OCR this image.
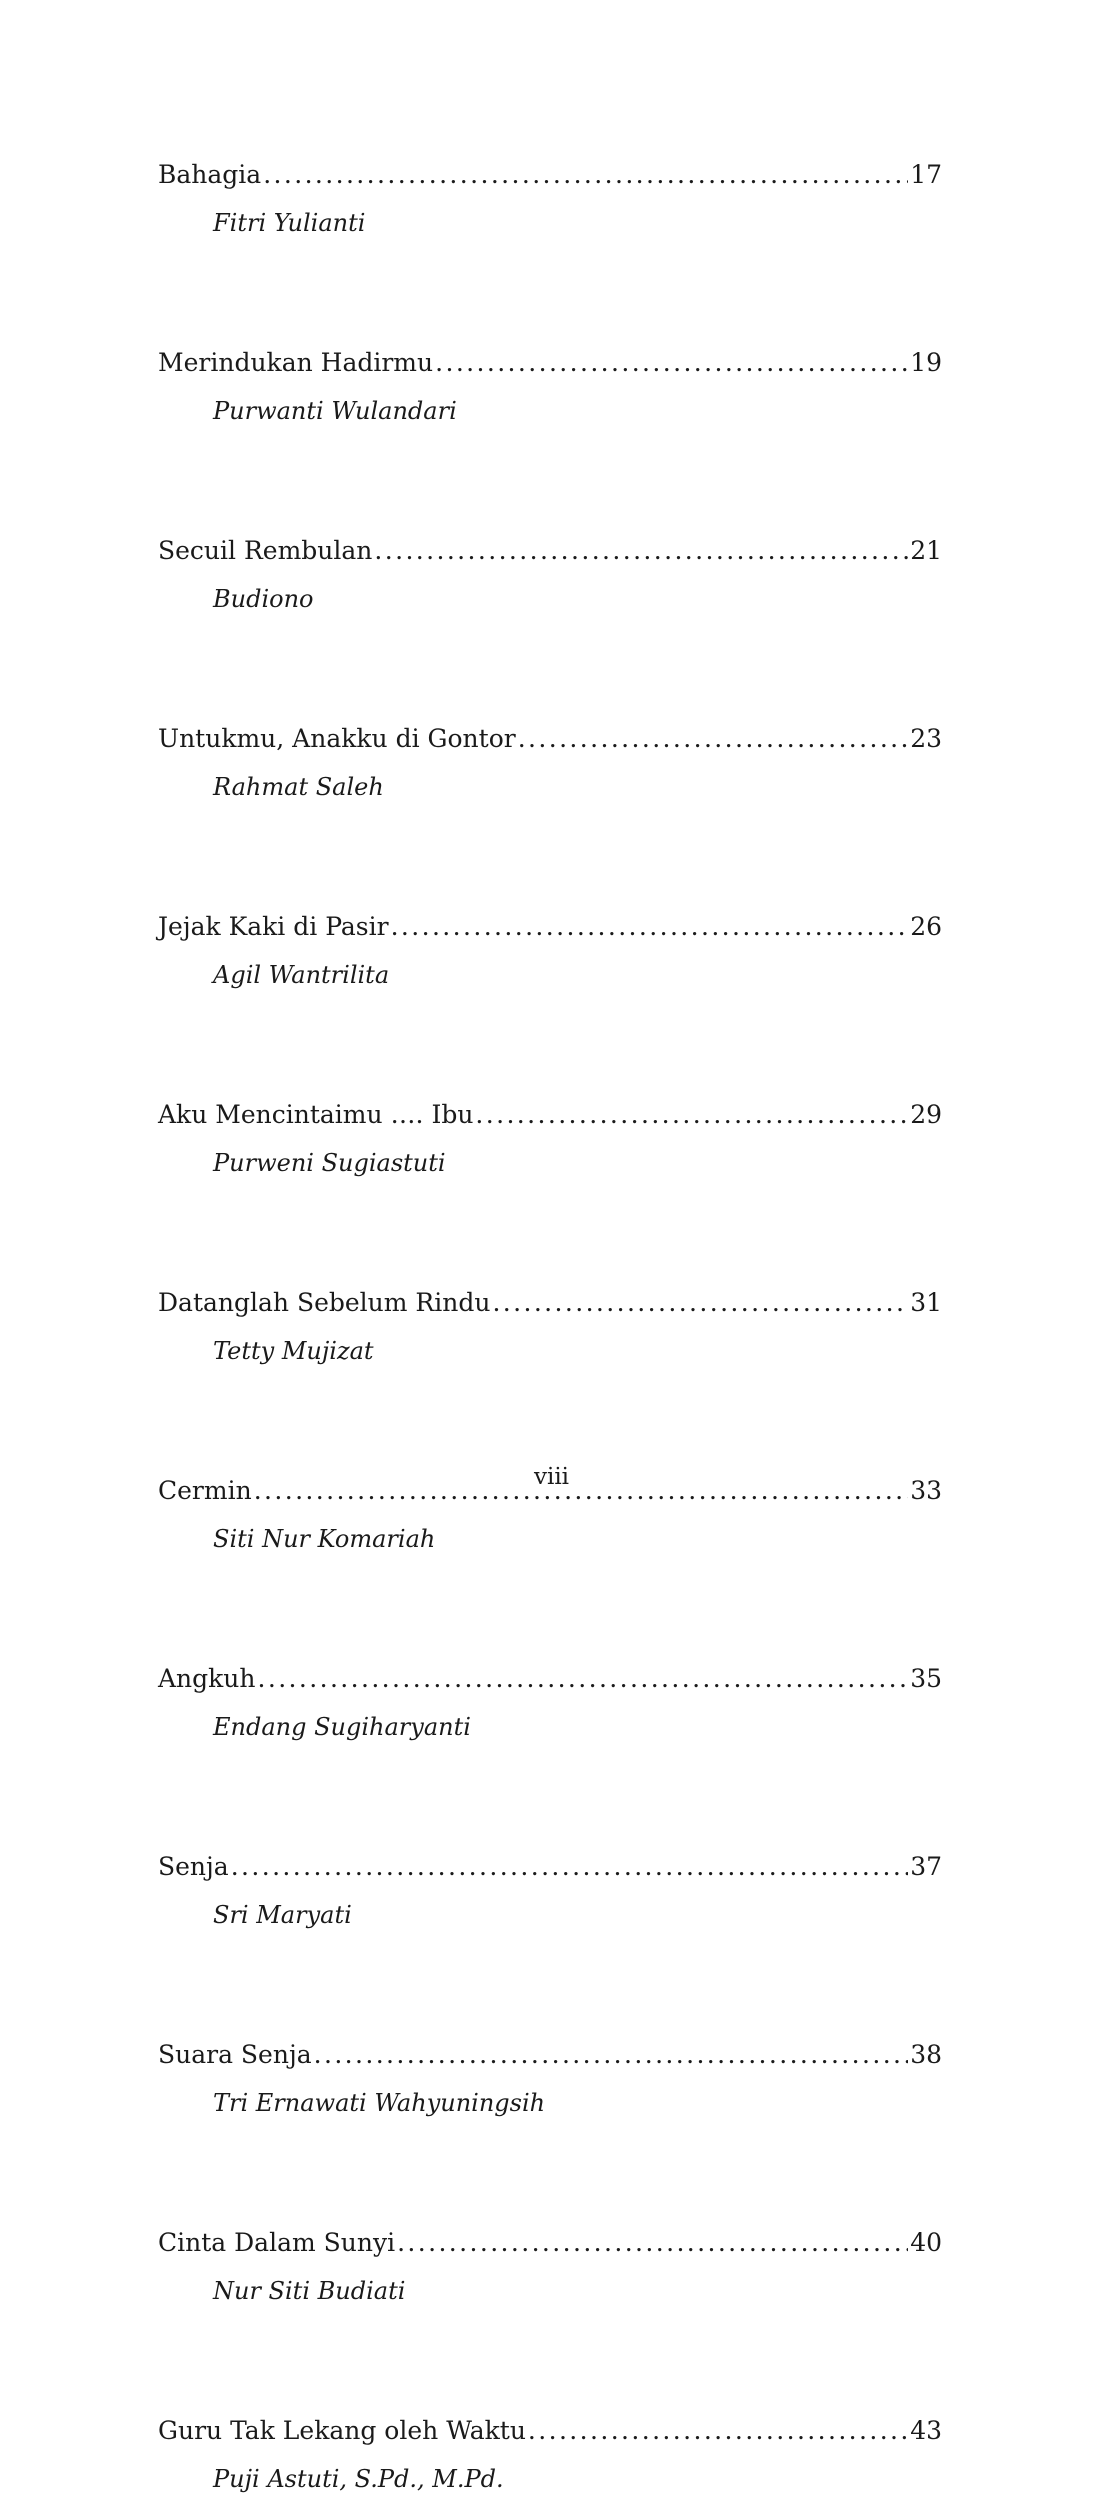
Bahagia .....	17
Fitri Yulianti
Merindukan Hadirmu .....	19
Purwanti Wulandari
Secuil Rembulan .....	21
Budiono
Untukmu, Anakku di Gontor .....	23
Rahmat Saleh
Jejak Kaki di Pasir .....	26
Agil Wantrilita
Aku Mencintaimu …. Ibu .....	29
Purweni Sugiastuti
Datanglah Sebelum Rindu .....	31
Tetty Mujizat
Cermin .....	33
Siti Nur Komariah
Angkuh .....	35
Endang Sugiharyanti
Senja .....	37
Sri Maryati
Suara Senja .....	38
Tri Ernawati Wahyuningsih
Cinta Dalam Sunyi .....	40
Nur Siti Budiati
Guru Tak Lekang oleh Waktu .....	43
Puji Astuti, S.Pd., M.Pd.
viii
